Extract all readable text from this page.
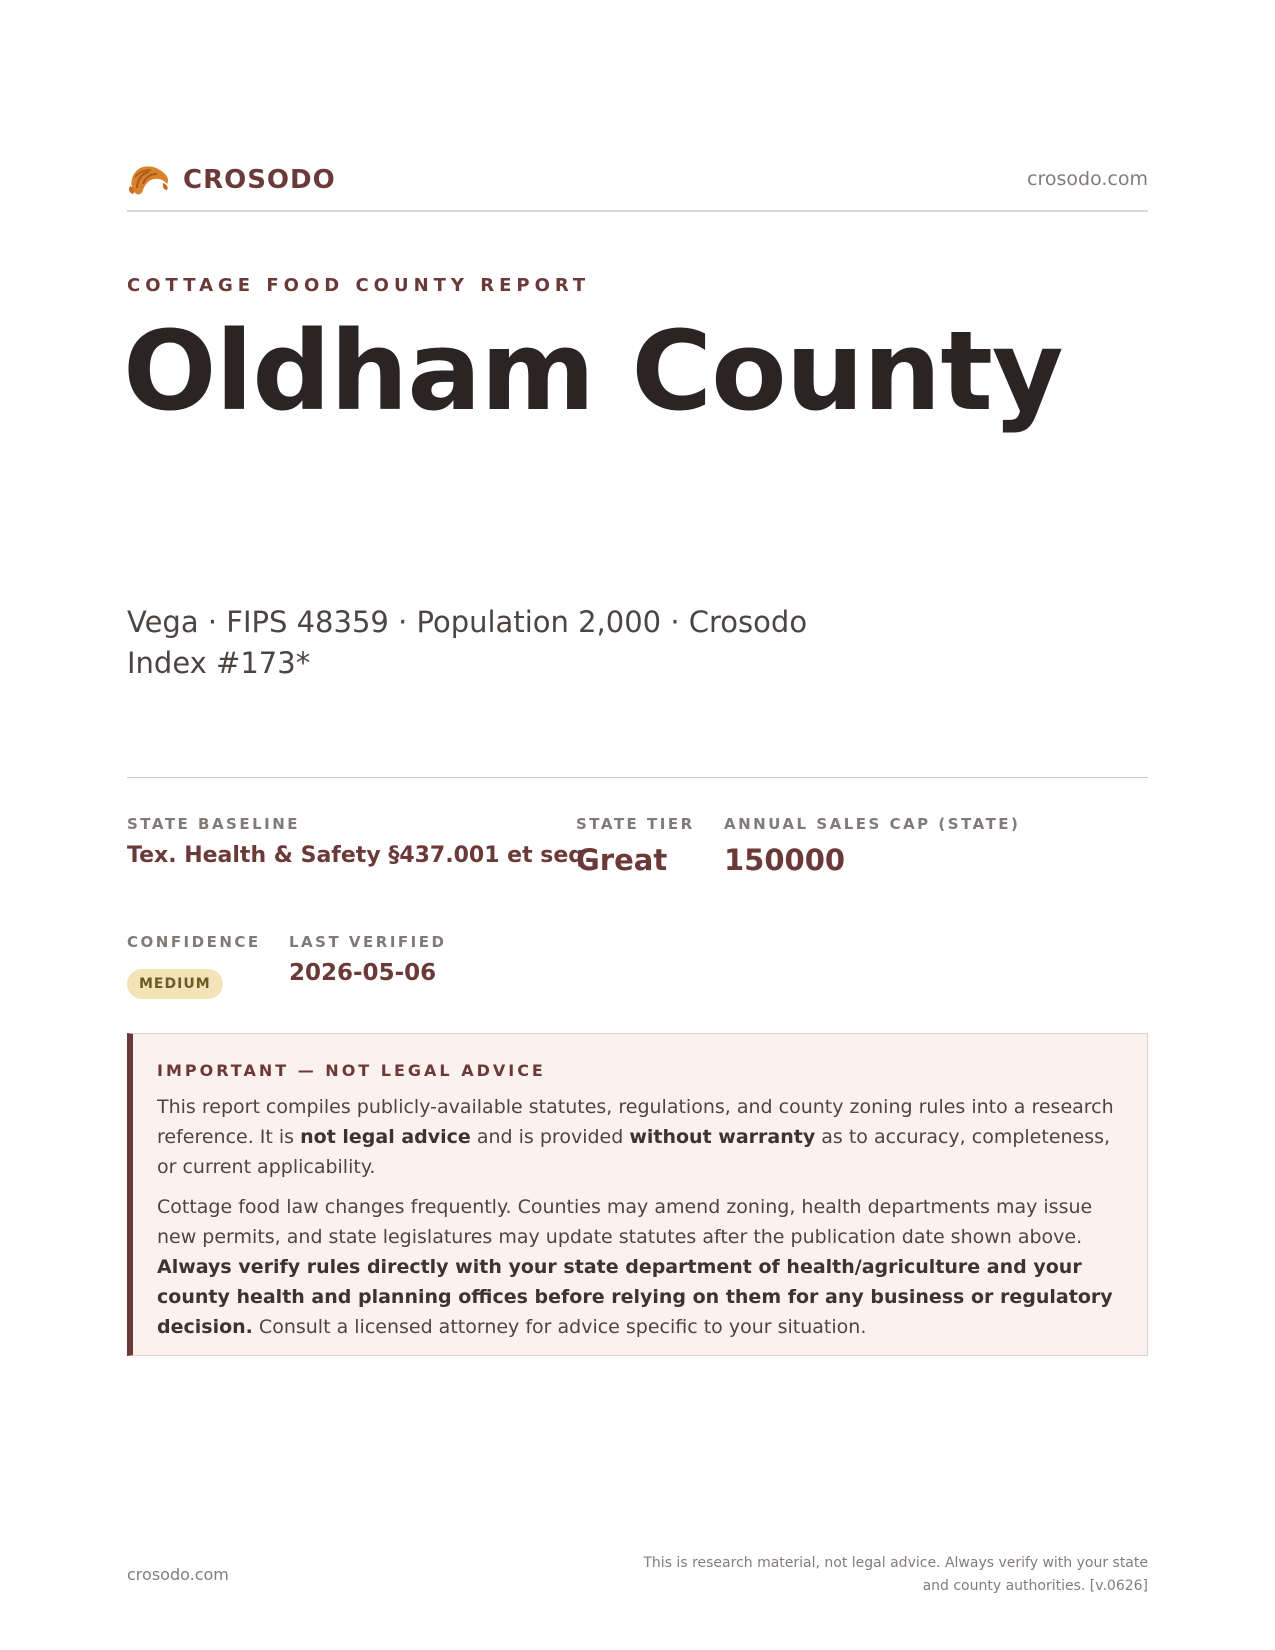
CROSODO	crosodo.com
COTTAGE FOOD COUNTY REPORT
Oldham County
Vega · FIPS 48359 · Population 2,000 · Crosodo Index #173*
STATE BASELINE
Tex. Health & Safety §437.001 et seq.
STATE TIER
Great
ANNUAL SALES CAP (STATE)
150000
CONFIDENCE
MEDIUM
LAST VERIFIED
2026-05-06
IMPORTANT — NOT LEGAL ADVICE

This report compiles publicly-available statutes, regulations, and county zoning rules into a research reference. It is not legal advice and is provided without warranty as to accuracy, completeness, or current applicability.

Cottage food law changes frequently. Counties may amend zoning, health departments may issue new permits, and state legislatures may update statutes after the publication date shown above. Always verify rules directly with your state department of health/agriculture and your county health and planning offices before relying on them for any business or regulatory decision. Consult a licensed attorney for advice specific to your situation.

crosodo.com
This is research material, not legal advice. Always verify with your state and county authorities. [v.0626]
